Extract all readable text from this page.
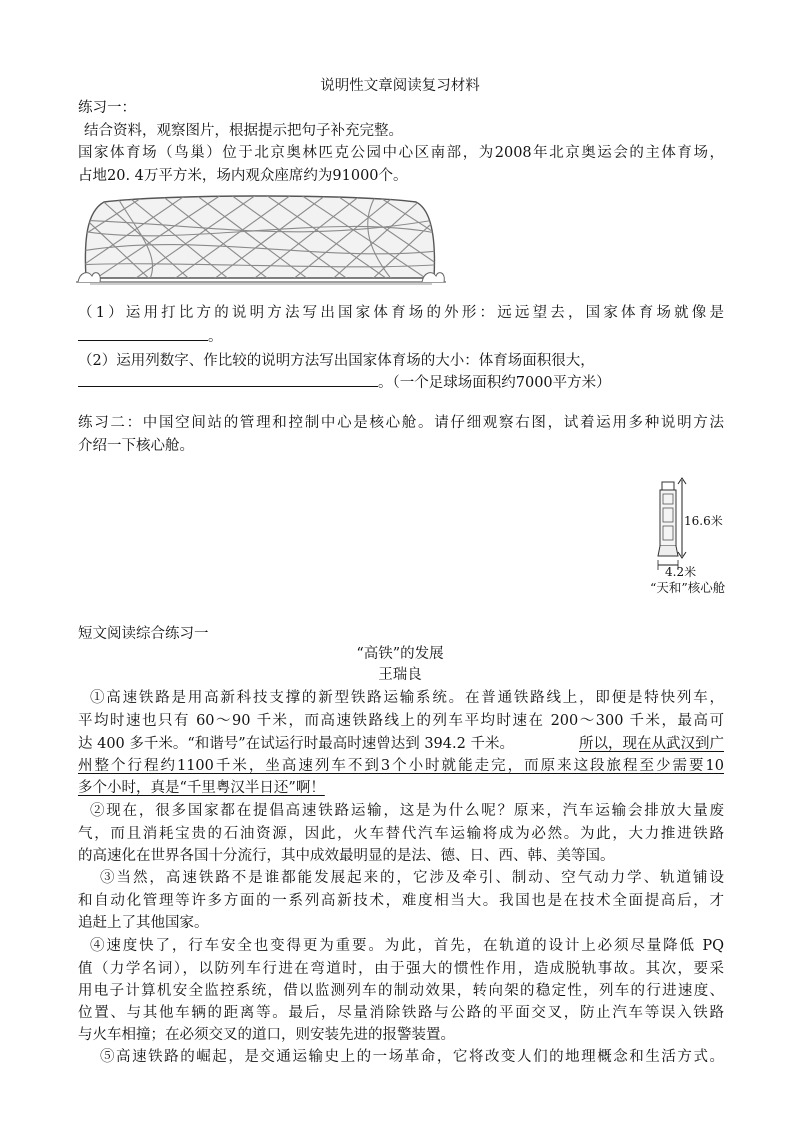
说明性文章阅读复习材料
练习一：
结合资料，观察图片，根据提示把句子补充完整。
国家体育场（鸟巢）位于北京奥林匹克公园中心区南部，为2008年北京奥运会的主体育场，
占地20. 4万平方米，场内观众座席约为91000个。
（1）运用打比方的说明方法写出国家体育场的外形：远远望去，国家体育场就像是
。
（2）运用列数字、作比较的说明方法写出国家体育场的大小：体育场面积很大，
。（一个足球场面积约7000平方米）
练习二：中国空间站的管理和控制中心是核心舱。请仔细观察右图，试着运用多种说明方法
介绍一下核心舱。
16.6米
4.2米
“天和”核心舱
短文阅读综合练习一
“高铁”的发展
王瑞良
①高速铁路是用高新科技支撑的新型铁路运输系统。在普通铁路线上，即便是特快列车，
平均时速也只有 60～90 千米，而高速铁路线上的列车平均时速在 200～300 千米，最高可
达 400 多千米。“和谐号”在试运行时最高时速曾达到 394.2 千米。	所以，现在从武汉到广
州整个行程约1100千米，坐高速列车不到3个小时就能走完，而原来这段旅程至少需要10
多个小时，真是“千里粤汉半日还”啊！
②现在，很多国家都在提倡高速铁路运输，这是为什么呢？原来，汽车运输会排放大量废
气，而且消耗宝贵的石油资源，因此，火车替代汽车运输将成为必然。为此，大力推进铁路
的高速化在世界各国十分流行，其中成效最明显的是法、德、日、西、韩、美等国。
③当然，高速铁路不是谁都能发展起来的，它涉及牵引、制动、空气动力学、轨道铺设
和自动化管理等许多方面的一系列高新技术，难度相当大。我国也是在技术全面提高后，才
追赶上了其他国家。
④速度快了，行车安全也变得更为重要。为此，首先，在轨道的设计上必须尽量降低 PQ
值（力学名词），以防列车行进在弯道时，由于强大的惯性作用，造成脱轨事故。其次，要采
用电子计算机安全监控系统，借以监测列车的制动效果，转向架的稳定性，列车的行进速度、
位置、与其他车辆的距离等。最后，尽量消除铁路与公路的平面交叉，防止汽车等误入铁路
与火车相撞；在必须交叉的道口，则安装先进的报警装置。
⑤高速铁路的崛起，是交通运输史上的一场革命，它将改变人们的地理概念和生活方式。
